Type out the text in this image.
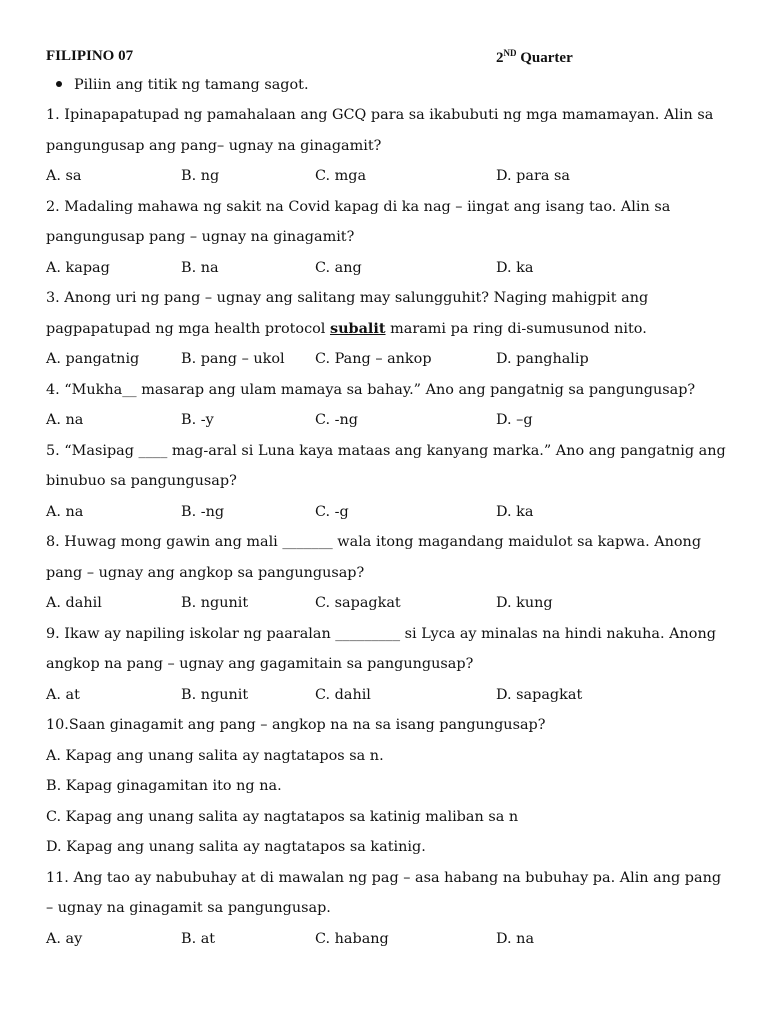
FILIPINO 07	2ND Quarter
Piliin ang titik ng tamang sagot.
1. Ipinapapatupad ng pamahalaan ang GCQ para sa ikabubuti ng mga mamamayan. Alin sa
pangungusap ang pang– ugnay na ginagamit?
A. sa	B. ng	C. mga	D. para sa
2. Madaling mahawa ng sakit na Covid kapag di ka nag – iingat ang isang tao. Alin sa
pangungusap pang – ugnay na ginagamit?
A. kapag	B. na	C. ang	D. ka
3. Anong uri ng pang – ugnay ang salitang may salungguhit? Naging mahigpit ang
pagpapatupad ng mga health protocol subalit marami pa ring di-sumusunod nito.
A. pangatnig	B. pang – ukol C. Pang – ankop	D. panghalip
4. “Mukha__ masarap ang ulam mamaya sa bahay.” Ano ang pangatnig sa pangungusap?
A. na	B. -y	C. -ng	D. –g
5. “Masipag ____ mag-aral si Luna kaya mataas ang kanyang marka.” Ano ang pangatnig ang
binubuo sa pangungusap?
A. na	B. -ng	C. -g	D. ka
8. Huwag mong gawin ang mali _______ wala itong magandang maidulot sa kapwa. Anong
pang – ugnay ang angkop sa pangungusap?
A. dahil	B. ngunit	C. sapagkat	D. kung
9. Ikaw ay napiling iskolar ng paaralan _________ si Lyca ay minalas na hindi nakuha. Anong
angkop na pang – ugnay ang gagamitain sa pangungusap?
A. at	B. ngunit	C. dahil	D. sapagkat
10.Saan ginagamit ang pang – angkop na na sa isang pangungusap?
A. Kapag ang unang salita ay nagtatapos sa n.
B. Kapag ginagamitan ito ng na.
C. Kapag ang unang salita ay nagtatapos sa katinig maliban sa n
D. Kapag ang unang salita ay nagtatapos sa katinig.
11. Ang tao ay nabubuhay at di mawalan ng pag – asa habang na bubuhay pa. Alin ang pang
– ugnay na ginagamit sa pangungusap.
A. ay	B. at	C. habang	D. na
